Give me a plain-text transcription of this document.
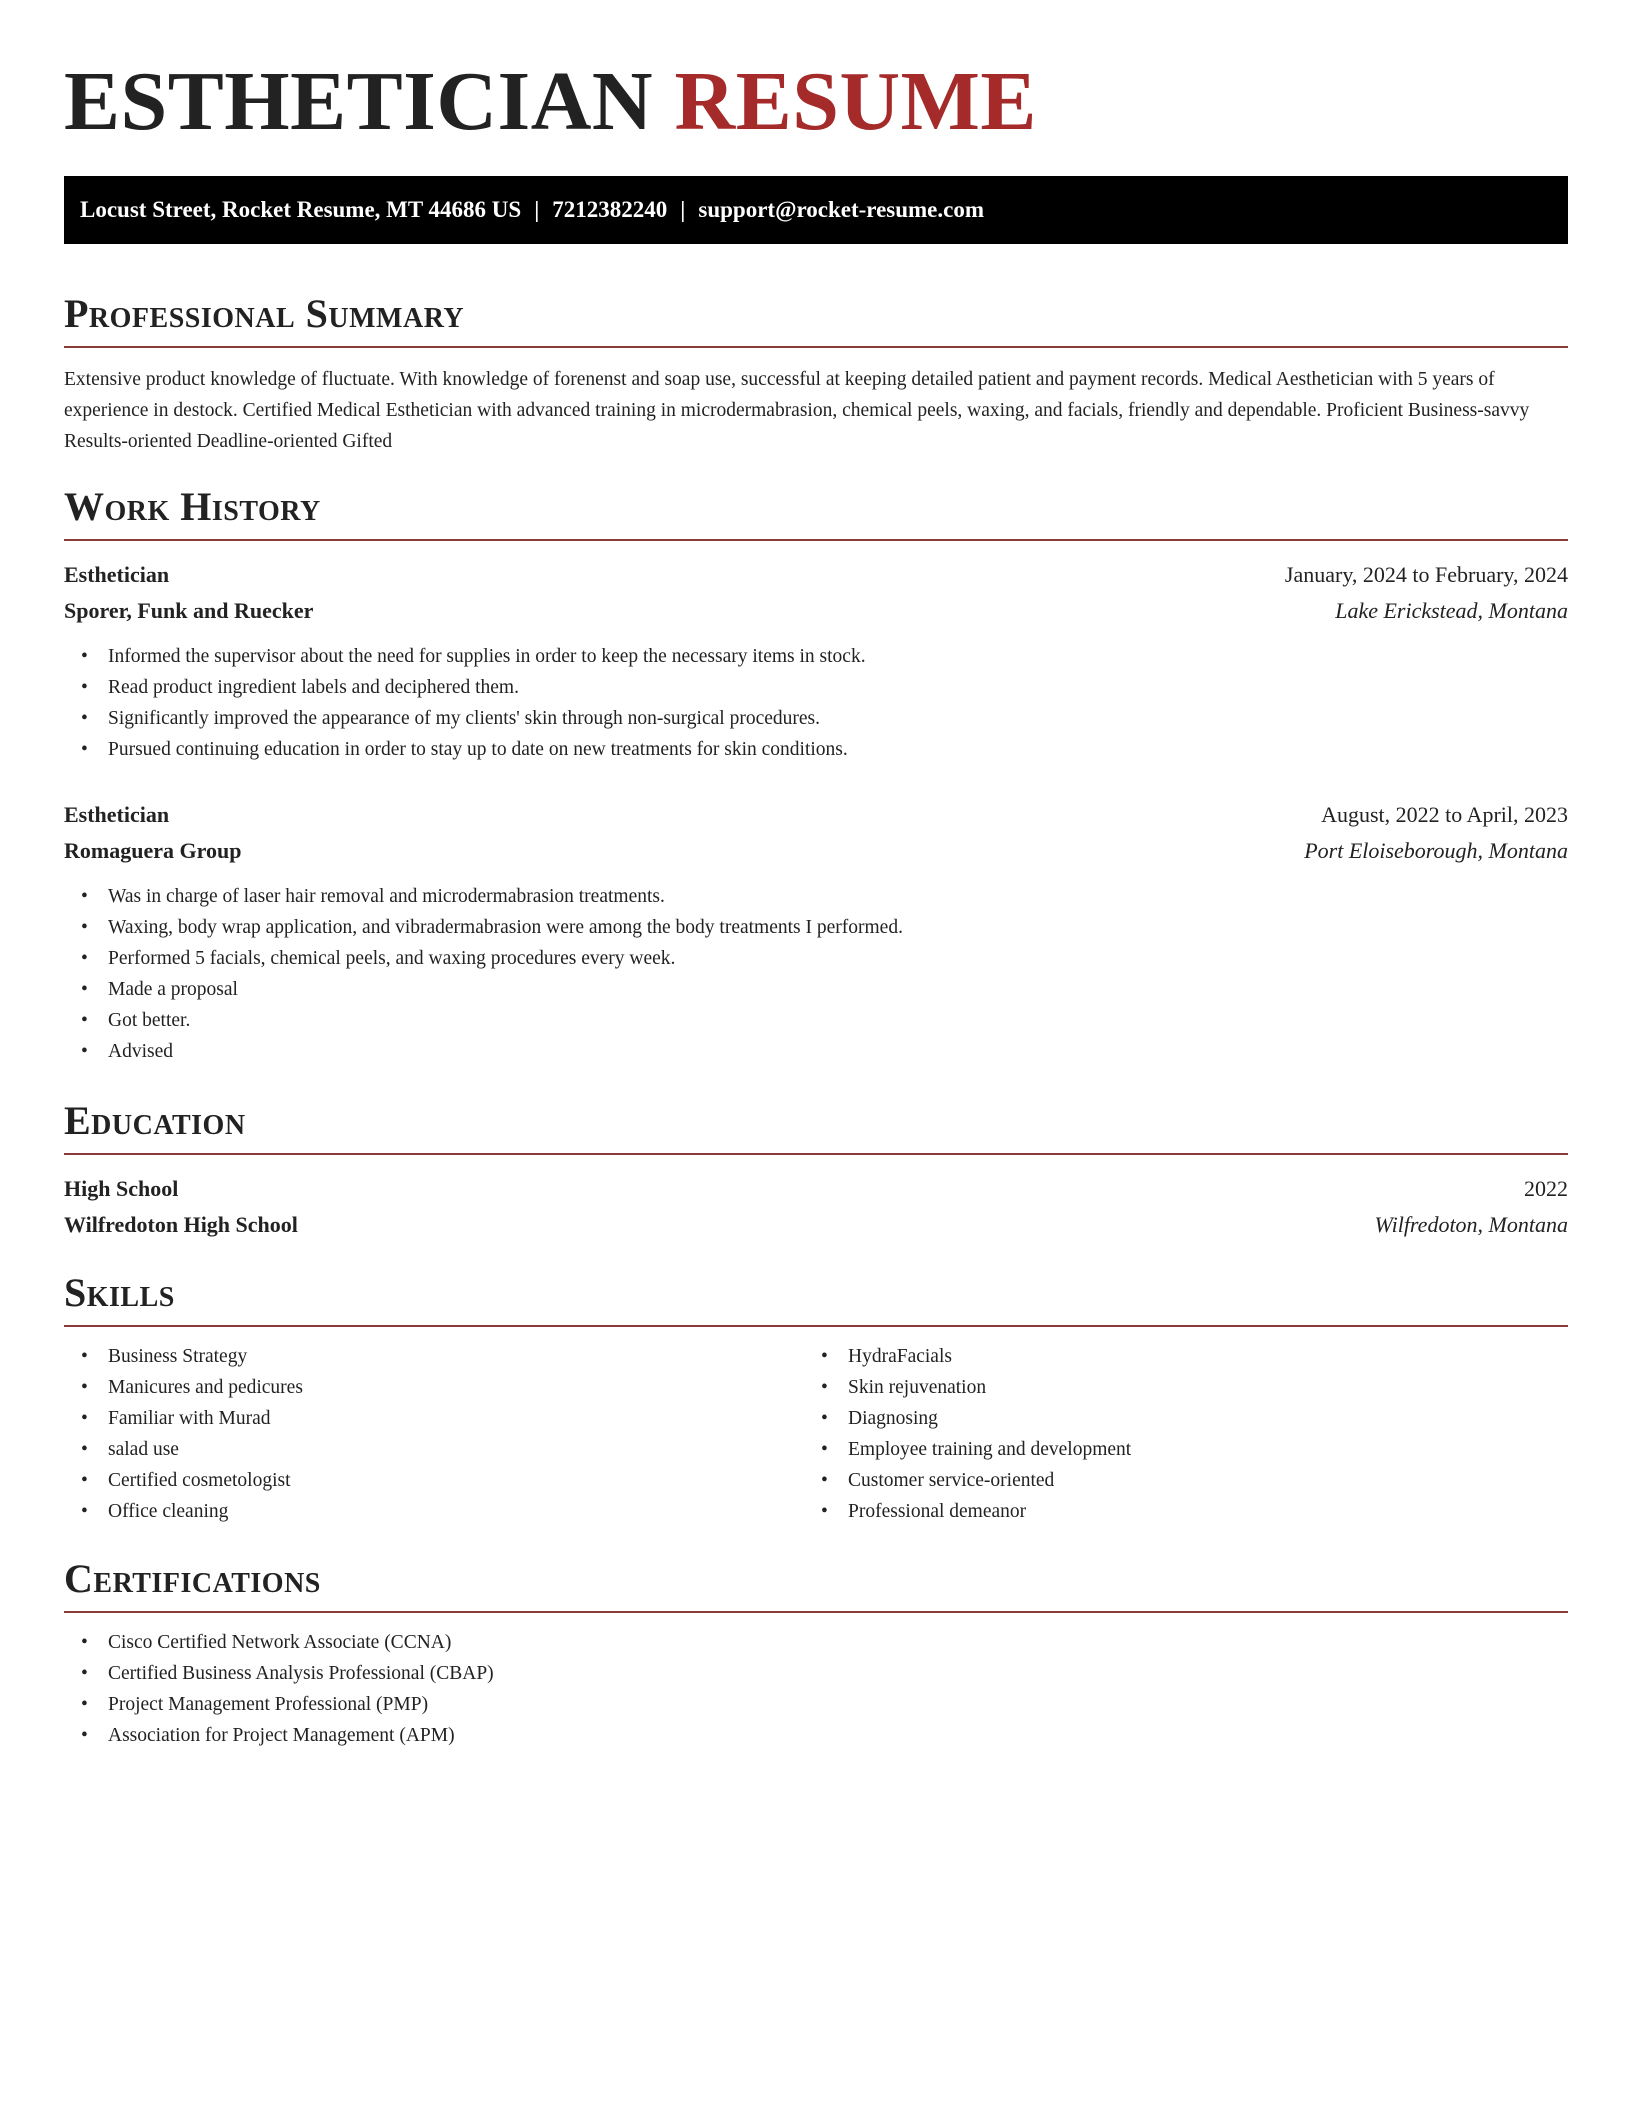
ESTHETICIAN RESUME
Locust Street, Rocket Resume, MT 44686 US | 7212382240 | support@rocket-resume.com
Professional Summary

Extensive product knowledge of fluctuate. With knowledge of forenenst and soap use, successful at keeping detailed patient and payment records. Medical Aesthetician with 5 years of experience in destock. Certified Medical Esthetician with advanced training in microdermabrasion, chemical peels, waxing, and facials, friendly and dependable. Proficient Business-savvy Results-oriented Deadline-oriented Gifted

Work History
Esthetician	January, 2024 to February, 2024
Sporer, Funk and Ruecker	Lake Erickstead, Montana
• Informed the supervisor about the need for supplies in order to keep the necessary items in stock.
• Read product ingredient labels and deciphered them.
• Significantly improved the appearance of my clients' skin through non-surgical procedures.
• Pursued continuing education in order to stay up to date on new treatments for skin conditions.
Esthetician	August, 2022 to April, 2023
Romaguera Group	Port Eloiseborough, Montana
• Was in charge of laser hair removal and microdermabrasion treatments.
• Waxing, body wrap application, and vibradermabrasion were among the body treatments I performed.
• Performed 5 facials, chemical peels, and waxing procedures every week.
• Made a proposal
• Got better.
• Advised
Education
High School	2022
Wilfredoton High School	Wilfredoton, Montana
Skills
• Business Strategy
• Manicures and pedicures
• Familiar with Murad
• salad use
• Certified cosmetologist
• Office cleaning
• HydraFacials
• Skin rejuvenation
• Diagnosing
• Employee training and development
• Customer service-oriented
• Professional demeanor
Certifications
• Cisco Certified Network Associate (CCNA)
• Certified Business Analysis Professional (CBAP)
• Project Management Professional (PMP)
• Association for Project Management (APM)
